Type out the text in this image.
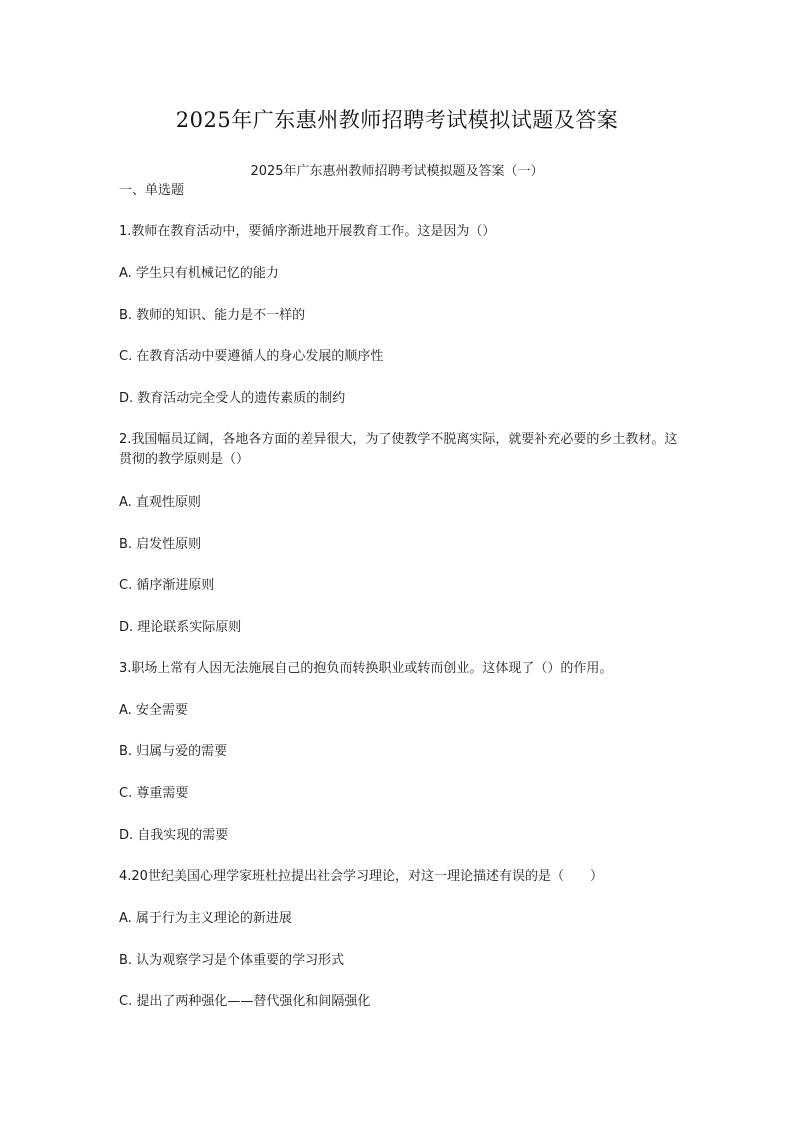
2025年广东惠州教师招聘考试模拟试题及答案
2025年广东惠州教师招聘考试模拟题及答案（一）
一、单选题
1.教师在教育活动中，要循序渐进地开展教育工作。这是因为（）
A. 学生只有机械记忆的能力
B. 教师的知识、能力是不一样的
C. 在教育活动中要遵循人的身心发展的顺序性
D. 教育活动完全受人的遗传素质的制约
2.我国幅员辽阔，各地各方面的差异很大，为了使教学不脱离实际，就要补充必要的乡土教材。这贯彻的教学原则是（）
A. 直观性原则
B. 启发性原则
C. 循序渐进原则
D. 理论联系实际原则
3.职场上常有人因无法施展自己的抱负而转换职业或转而创业。这体现了（）的作用。
A. 安全需要
B. 归属与爱的需要
C. 尊重需要
D. 自我实现的需要
4.20世纪美国心理学家班杜拉提出社会学习理论，对这一理论描述有误的是（　　）
A. 属于行为主义理论的新进展
B. 认为观察学习是个体重要的学习形式
C. 提出了两种强化——替代强化和间隔强化
